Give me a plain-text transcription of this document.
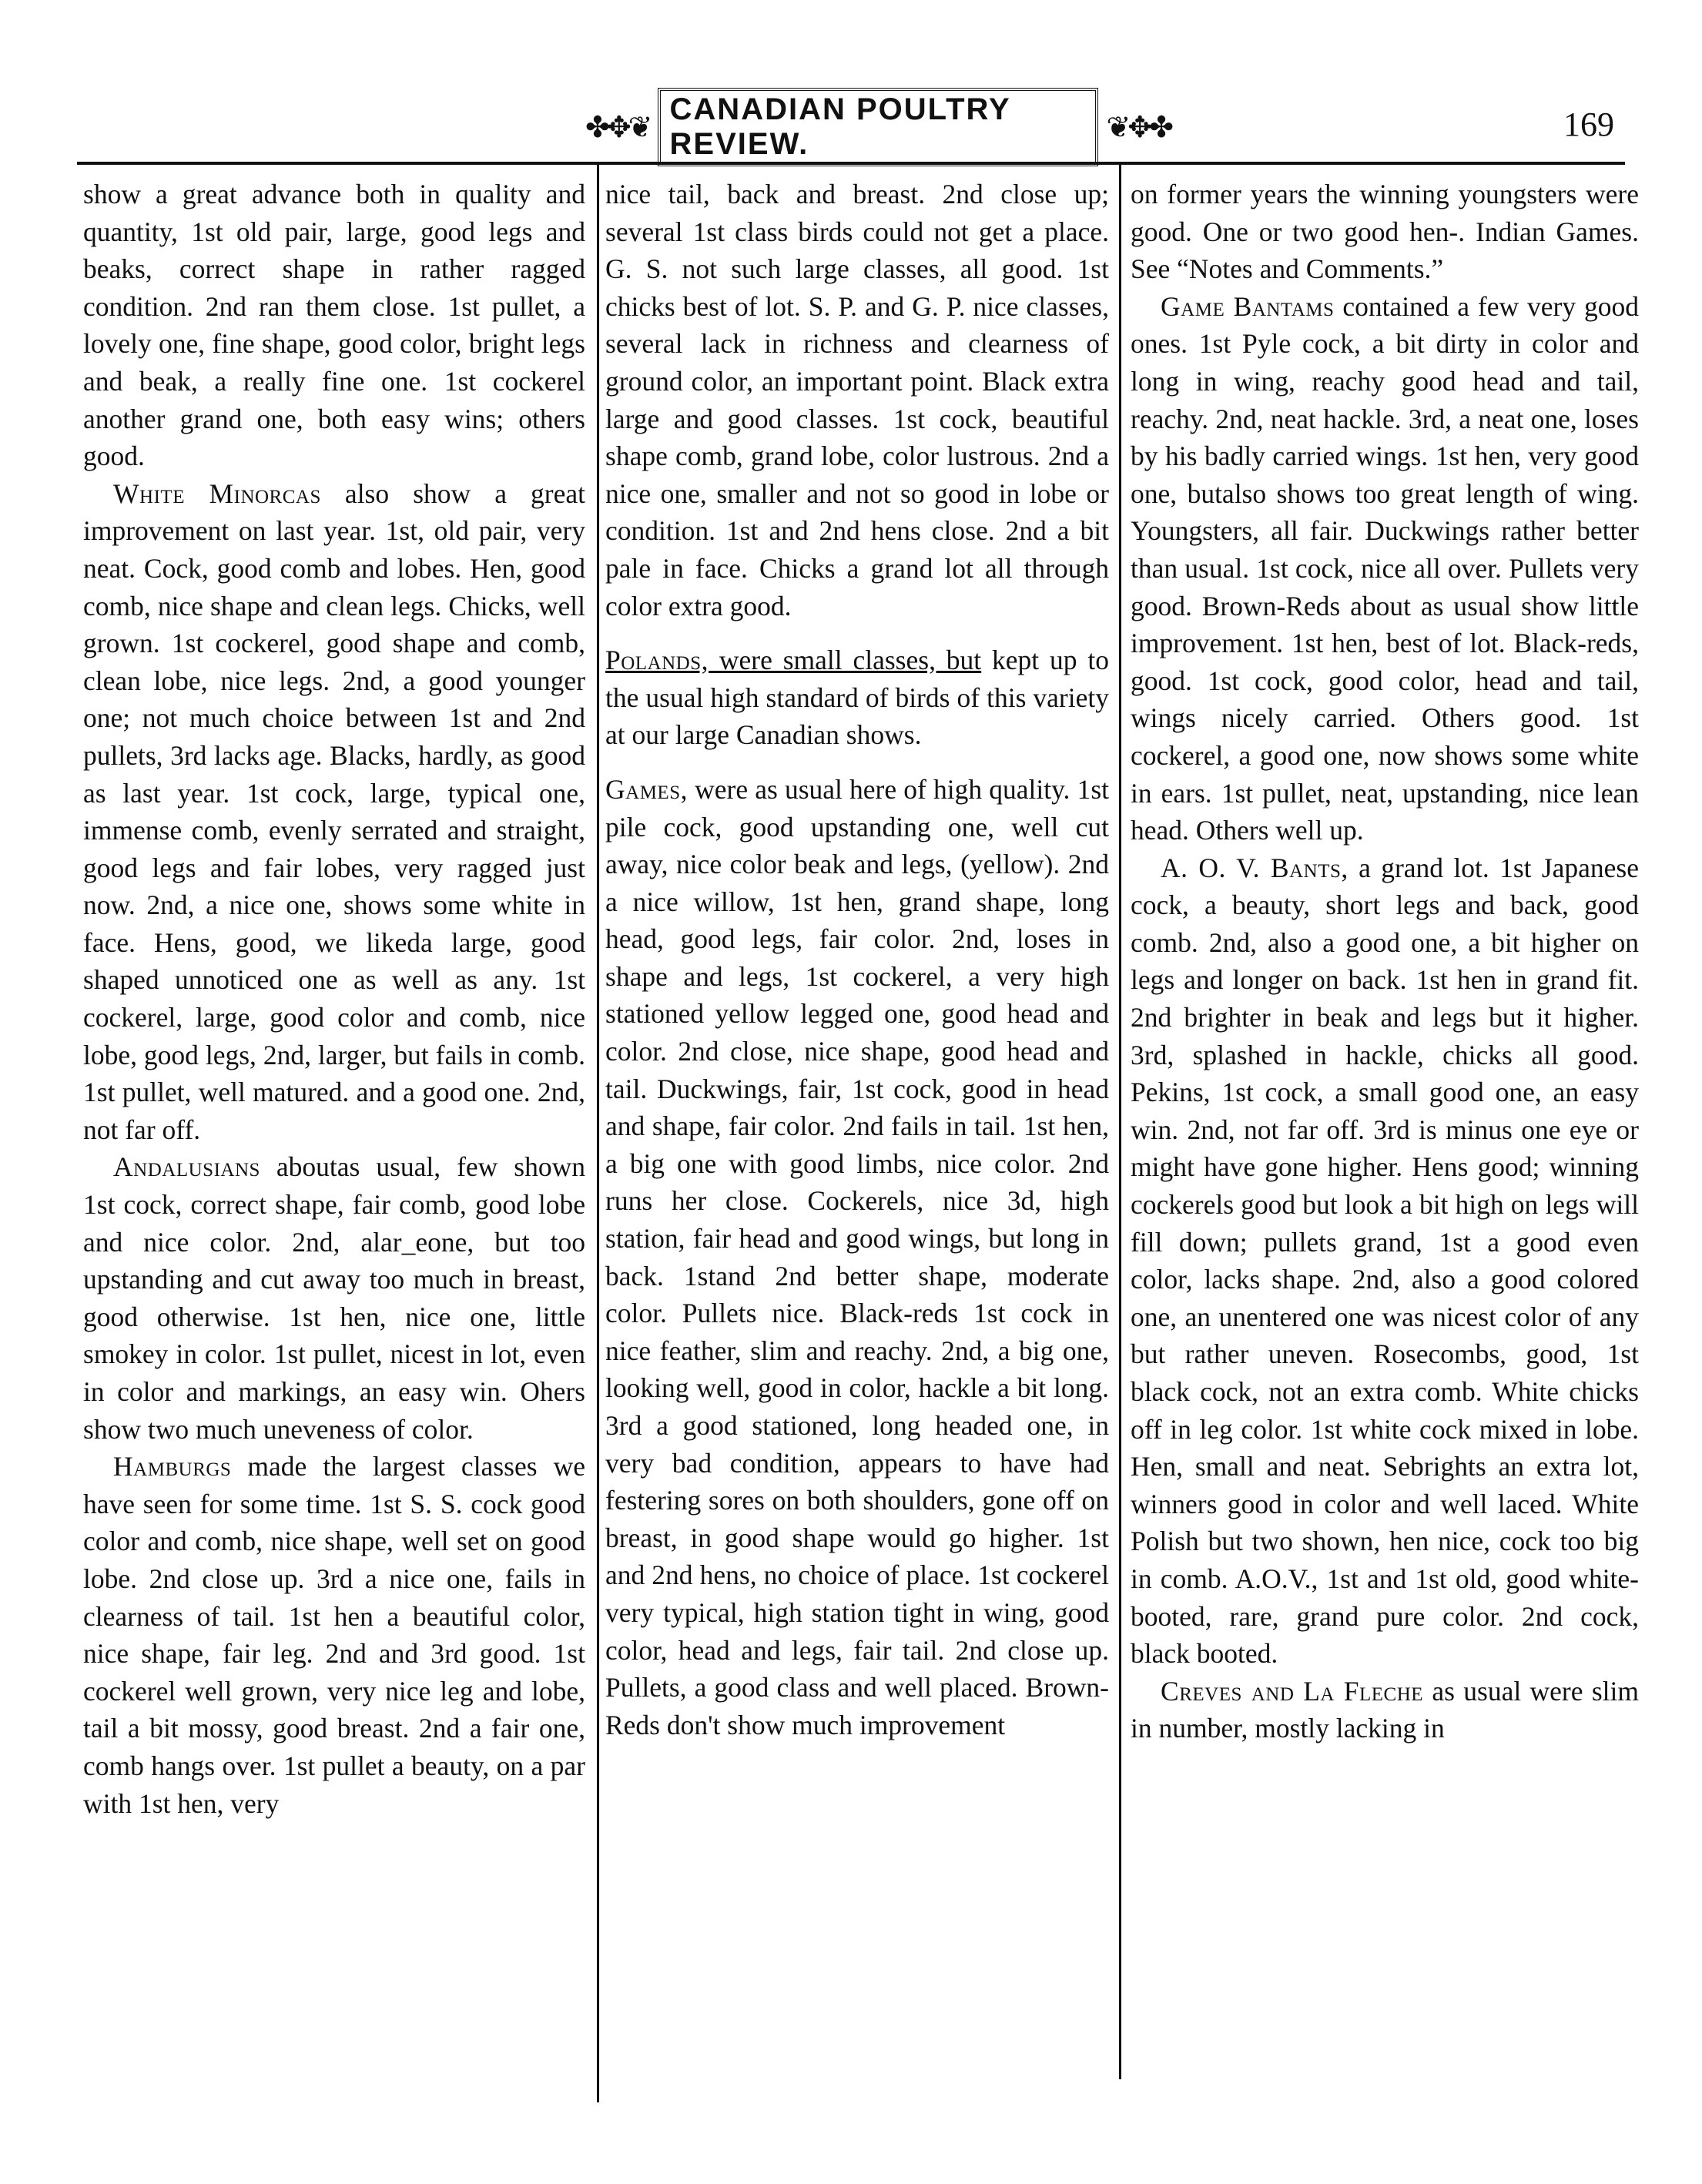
✤✥❦
CANADIAN POULTRY REVIEW.	❦✥✤	169

show a great advance both in quality and quantity, 1st old pair, large, good legs and beaks, correct shape in rather ragged condition. 2nd ran them close. 1st pullet, a lovely one, fine shape, good color, bright legs and beak, a really fine one. 1st cockerel another grand one, both easy wins; others good.

White Minorcas also show a great improvement on last year. 1st, old pair, very neat. Cock, good comb and lobes. Hen, good comb, nice shape and clean legs. Chicks, well grown. 1st cockerel, good shape and comb, clean lobe, nice legs. 2nd, a good younger one; not much choice between 1st and 2nd pullets, 3rd lacks age. Blacks, hardly, as good as last year. 1st cock, large, typical one, immense comb, evenly serrated and straight, good legs and fair lobes, very ragged just now. 2nd, a nice one, shows some white in face. Hens, good, we likeda large, good shaped unnoticed one as well as any. 1st cockerel, large, good color and comb, nice lobe, good legs, 2nd, larger, but fails in comb. 1st pullet, well matured. and a good one. 2nd, not far off.

Andalusians aboutas usual, few shown 1st cock, correct shape, fair comb, good lobe and nice color. 2nd, alar_eone, but too upstanding and cut away too much in breast, good otherwise. 1st hen, nice one, little smokey in color. 1st pullet, nicest in lot, even in color and markings, an easy win. Ohers show two much uneveness of color.

Hamburgs made the largest classes we have seen for some time. 1st S. S. cock good color and comb, nice shape, well set on good lobe. 2nd close up. 3rd a nice one, fails in clearness of tail. 1st hen a beautiful color, nice shape, fair leg. 2nd and 3rd good. 1st cockerel well grown, very nice leg and lobe, tail a bit mossy, good breast. 2nd a fair one, comb hangs over. 1st pullet a beauty, on a par with 1st hen, very

nice tail, back and breast. 2nd close up; several 1st class birds could not get a place. G. S. not such large classes, all good. 1st chicks best of lot. S. P. and G. P. nice classes, several lack in richness and clearness of ground color, an important point. Black extra large and good classes. 1st cock, beautiful shape comb, grand lobe, color lustrous. 2nd a nice one, smaller and not so good in lobe or condition. 1st and 2nd hens close. 2nd a bit pale in face. Chicks a grand lot all through color extra good.

Polands, were small classes, but kept up to the usual high standard of birds of this variety at our large Canadian shows.

Games, were as usual here of high quality. 1st pile cock, good upstanding one, well cut away, nice color beak and legs, (yellow). 2nd a nice willow, 1st hen, grand shape, long head, good legs, fair color. 2nd, loses in shape and legs, 1st cockerel, a very high stationed yellow legged one, good head and color. 2nd close, nice shape, good head and tail. Duckwings, fair, 1st cock, good in head and shape, fair color. 2nd fails in tail. 1st hen, a big one with good limbs, nice color. 2nd runs her close. Cockerels, nice 3d, high station, fair head and good wings, but long in back. 1stand 2nd better shape, moderate color. Pullets nice. Black-reds 1st cock in nice feather, slim and reachy. 2nd, a big one, looking well, good in color, hackle a bit long. 3rd a good stationed, long headed one, in very bad condition, appears to have had festering sores on both shoulders, gone off on breast, in good shape would go higher. 1st and 2nd hens, no choice of place. 1st cockerel very typical, high station tight in wing, good color, head and legs, fair tail. 2nd close up. Pullets, a good class and well placed. Brown-Reds don't show much improvement

on former years the winning youngsters were good. One or two good hen-. Indian Games. See “Notes and Comments.”

Game Bantams contained a few very good ones. 1st Pyle cock, a bit dirty in color and long in wing, reachy good head and tail, reachy. 2nd, neat hackle. 3rd, a neat one, loses by his badly carried wings. 1st hen, very good one, butalso shows too great length of wing. Youngsters, all fair. Duckwings rather better than usual. 1st cock, nice all over. Pullets very good. Brown-Reds about as usual show little improvement. 1st hen, best of lot. Black-reds, good. 1st cock, good color, head and tail, wings nicely carried. Others good. 1st cockerel, a good one, now shows some white in ears. 1st pullet, neat, upstanding, nice lean head. Others well up.

A. O. V. Bants, a grand lot. 1st Japanese cock, a beauty, short legs and back, good comb. 2nd, also a good one, a bit higher on legs and longer on back. 1st hen in grand fit. 2nd brighter in beak and legs but it higher. 3rd, splashed in hackle, chicks all good. Pekins, 1st cock, a small good one, an easy win. 2nd, not far off. 3rd is minus one eye or might have gone higher. Hens good; winning cockerels good but look a bit high on legs will fill down; pullets grand, 1st a good even color, lacks shape. 2nd, also a good colored one, an unentered one was nicest color of any but rather uneven. Rosecombs, good, 1st black cock, not an extra comb. White chicks off in leg color. 1st white cock mixed in lobe. Hen, small and neat. Sebrights an extra lot, winners good in color and well laced. White Polish but two shown, hen nice, cock too big in comb. A.O.V., 1st and 1st old, good white-booted, rare, grand pure color. 2nd cock, black booted.

Creves and La Fleche as usual were slim in number, mostly lacking in
